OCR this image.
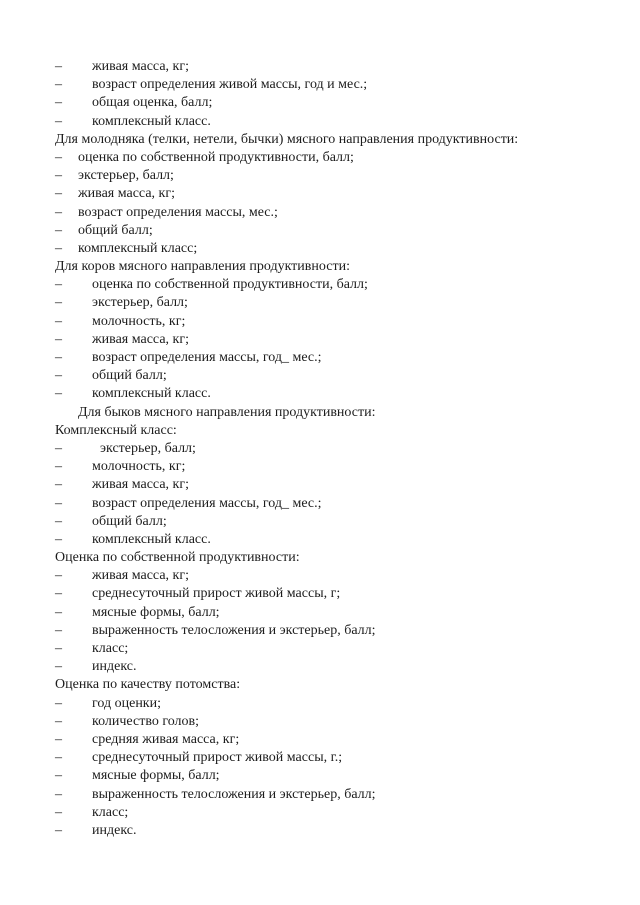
– живая масса, кг;
– возраст определения живой массы, год и мес.;
– общая оценка, балл;
– комплексный класс.
Для молодняка (телки, нетели, бычки) мясного направления продуктивности:
– оценка по собственной продуктивности, балл;
– экстерьер, балл;
– живая масса, кг;
– возраст определения массы, мес.;
– общий балл;
– комплексный класс;
Для коров мясного направления продуктивности:
– оценка по собственной продуктивности, балл;
– экстерьер, балл;
– молочность, кг;
– живая масса, кг;
– возраст определения массы, год_ мес.;
– общий балл;
– комплексный класс.
Для быков мясного направления продуктивности:
Комплексный класс:
–	экстерьер, балл;
– молочность, кг;
– живая масса, кг;
– возраст определения массы, год_ мес.;
– общий балл;
– комплексный класс.
Оценка по собственной продуктивности:
– живая масса, кг;
– среднесуточный прирост живой массы, г;
– мясные формы, балл;
– выраженность телосложения и экстерьер, балл;
– класс;
– индекс.
Оценка по качеству потомства:
– год оценки;
– количество голов;
– средняя живая масса, кг;
– среднесуточный прирост живой массы, г.;
– мясные формы, балл;
– выраженность телосложения и экстерьер, балл;
– класс;
– индекс.
